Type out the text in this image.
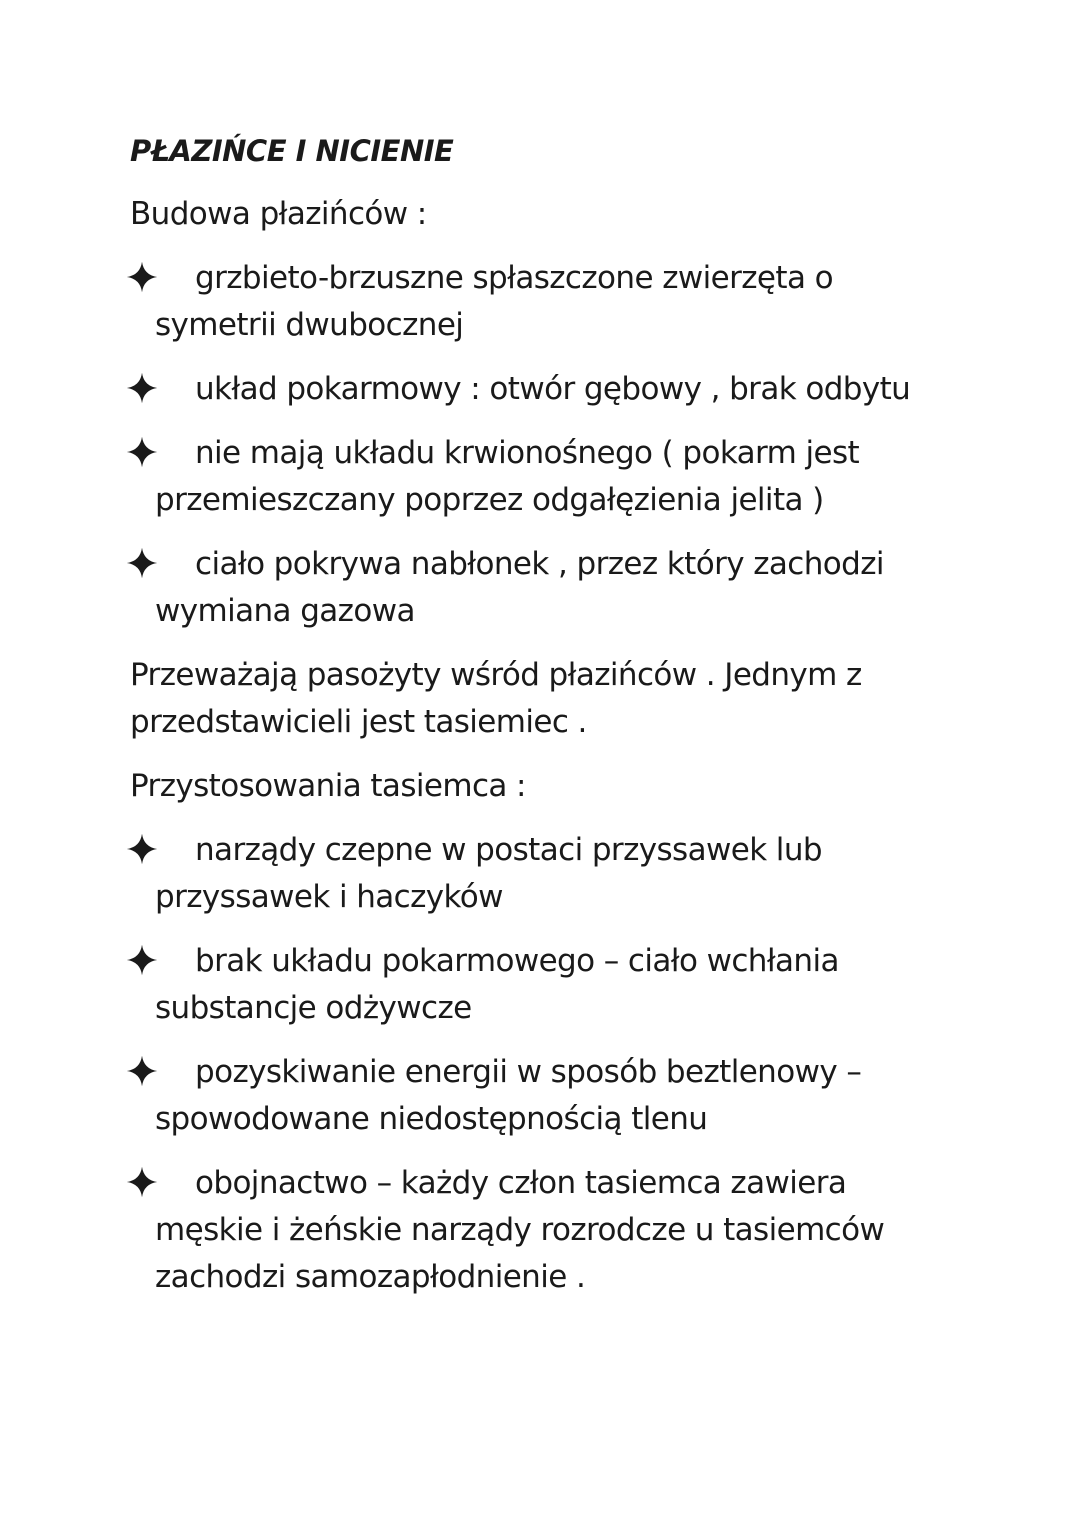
PŁAZIŃCE I NICIENIE
Budowa płazińców :
grzbieto-brzuszne spłaszczone zwierzęta o symetrii dwubocznej
układ pokarmowy : otwór gębowy , brak odbytu
nie mają układu krwionośnego ( pokarm jest przemieszczany poprzez odgałęzienia jelita )
ciało pokrywa nabłonek , przez który zachodzi wymiana gazowa
Przeważają pasożyty wśród płazińców . Jednym z przedstawicieli jest tasiemiec .
Przystosowania tasiemca :
narządy czepne w postaci przyssawek lub przyssawek i haczyków
brak układu pokarmowego – ciało wchłania substancje odżywcze
pozyskiwanie energii w sposób beztlenowy – spowodowane niedostępnością tlenu
obojnactwo – każdy człon tasiemca zawiera męskie i żeńskie narządy rozrodcze u tasiemców zachodzi samozapłodnienie .
